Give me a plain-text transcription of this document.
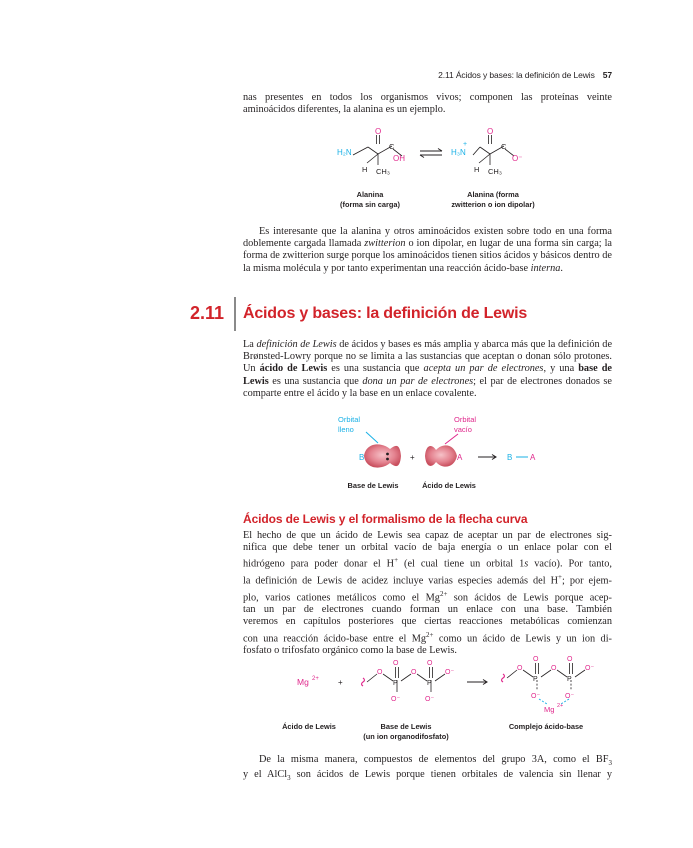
2.11 Ácidos y bases: la definición de Lewis 57
nas presentes en todos los organismos vivos; componen las proteínas veinte
aminoácidos diferentes, la alanina es un ejemplo.
H₂N
O
C
OH
H CH₃
H₃N
+
O
C
O⁻
H CH₃
Alanina
(forma sin carga)
Alanina (forma
zwitterion o ion dipolar)
Es interesante que la alanina y otros aminoácidos existen sobre todo en una forma doblemente cargada llamada zwitterion o ion dipolar, en lugar de una forma sin carga; la forma de zwitterion surge porque los aminoácidos tienen sitios ácidos y básicos dentro de la misma molécula y por tanto experimentan una reacción ácido-base interna.
2.11 Ácidos y bases: la definición de Lewis
La definición de Lewis de ácidos y bases es más amplia y abarca más que la definición de Brønsted-Lowry porque no se limita a las sustancias que aceptan o donan sólo protones. Un ácido de Lewis es una sustancia que acepta un par de electrones, y una base de Lewis es una sustancia que dona un par de electrones; el par de electrones donados se comparte entre el ácido y la base en un enlace covalente.
Orbital
lleno
B	+
Orbital
vacío
A	B A
Base de Lewis	Ácido de Lewis
Ácidos de Lewis y el formalismo de la flecha curva
El hecho de que un ácido de Lewis sea capaz de aceptar un par de electrones sig-
nifica que debe tener un orbital vacío de baja energía o un enlace polar con el
hidrógeno para poder donar el H+ (el cual tiene un orbital 1s vacío). Por tanto,
la definición de Lewis de acidez incluye varias especies además del H+; por ejem-
plo, varios cationes metálicos como el $Mg^{2+}$ son ácidos de Lewis porque acep-
tan un par de electrones cuando forman un enlace con una base. También
veremos en capítulos posteriores que ciertas reacciones metabólicas comienzan
con una reacción ácido-base entre el $Mg^{2+}$ como un ácido de Lewis y un ion di-
fosfato o trifosfato orgánico como la base de Lewis.
Mg 2+ +
O
P
O
O⁻
O
P
O
O⁻
O⁻
O
P
O
O⁻
O
P
O
O⁻
O⁻
Mg 2+
Ácido de Lewis	Base de Lewis
(un ion organodifosfato)
Complejo ácido-base
De la misma manera, compuestos de elementos del grupo 3A, como el $BF_3$
y el AlCl$_3$ son ácidos de Lewis porque tienen orbitales de valencia sin llenar y
